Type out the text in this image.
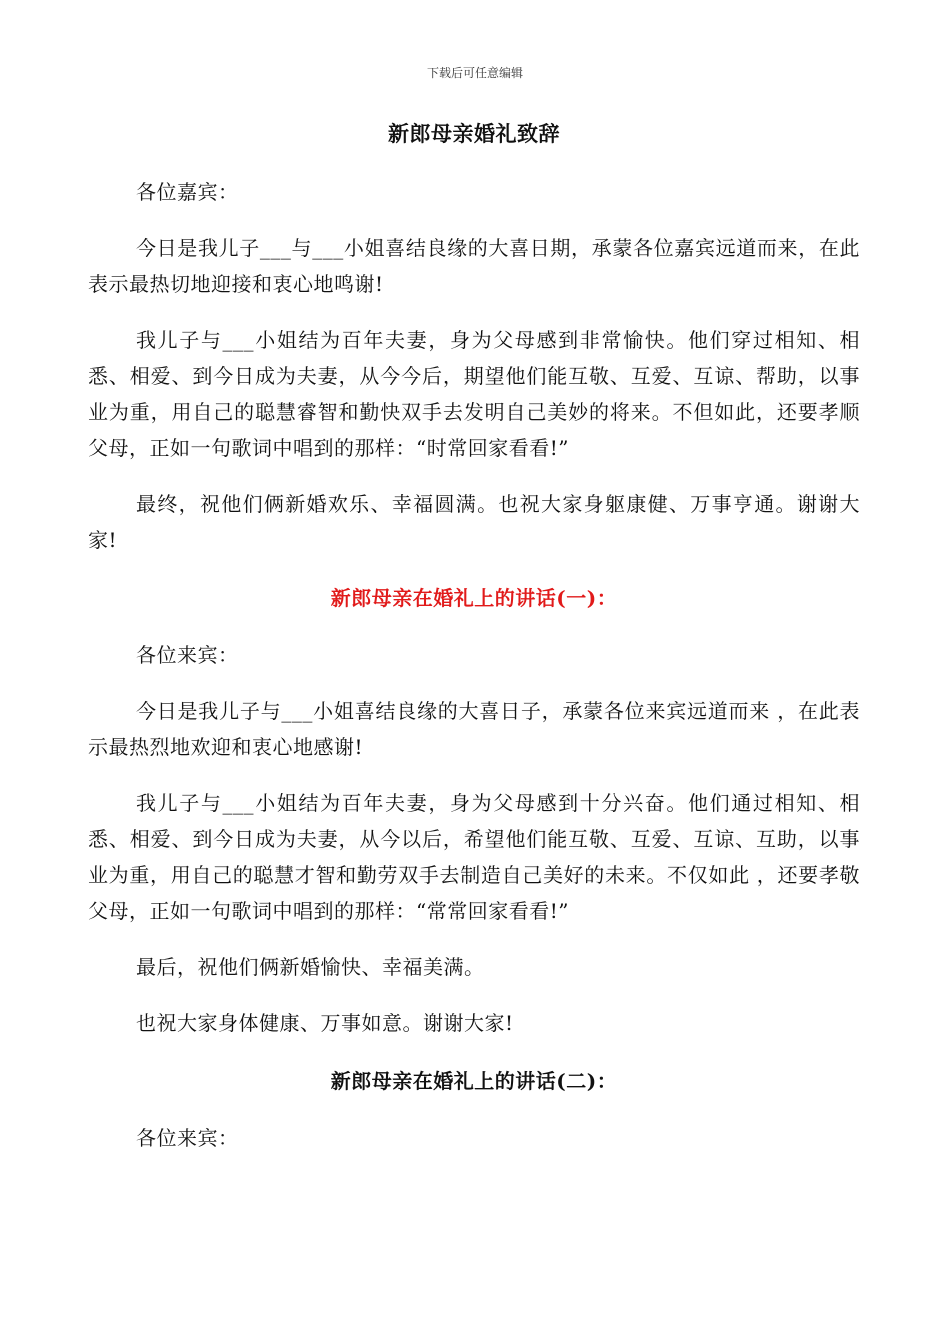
下载后可任意编辑
新郎母亲婚礼致辞

各位嘉宾：

今日是我儿子___与___小姐喜结良缘的大喜日期，承蒙各位嘉宾远道而来，在此表示最热切地迎接和衷心地鸣谢!

我儿子与___小姐结为百年夫妻，身为父母感到非常愉快。他们穿过相知、相悉、相爱、到今日成为夫妻，从今今后，期望他们能互敬、互爱、互谅、帮助，以事业为重，用自己的聪慧睿智和勤快双手去发明自己美妙的将来。不但如此，还要孝顺父母，正如一句歌词中唱到的那样：“时常回家看看!”

最终，祝他们俩新婚欢乐、幸福圆满。也祝大家身躯康健、万事亨通。谢谢大家!

新郎母亲在婚礼上的讲话(一)：

各位来宾：

今日是我儿子与___小姐喜结良缘的大喜日子，承蒙各位来宾远道而来 ，在此表示最热烈地欢迎和衷心地感谢!

我儿子与___小姐结为百年夫妻，身为父母感到十分兴奋。他们通过相知、相悉、相爱、到今日成为夫妻，从今以后，希望他们能互敬、互爱、互谅、互助，以事业为重，用自己的聪慧才智和勤劳双手去制造自己美好的未来。不仅如此 ，还要孝敬父母，正如一句歌词中唱到的那样：“常常回家看看!”

最后，祝他们俩新婚愉快、幸福美满。

也祝大家身体健康、万事如意。谢谢大家!

新郎母亲在婚礼上的讲话(二)：

各位来宾：
